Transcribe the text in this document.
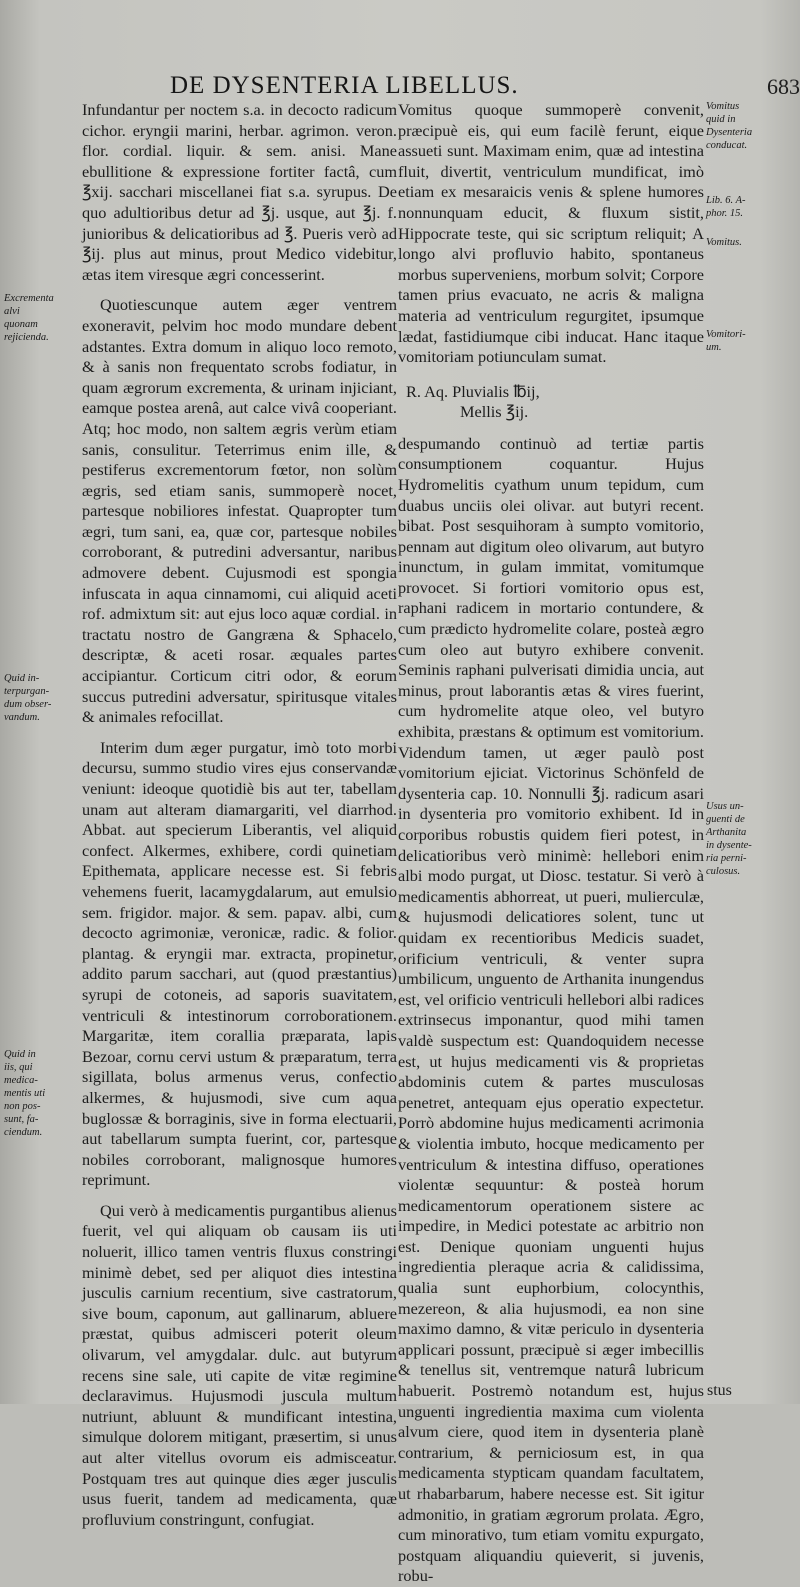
DE DYSENTERIA LIBELLUS.	683

Infundantur per noctem s.a. in decocto radicum cichor. eryngii marini, herbar. agrimon. veron. flor. cordial. liquir. & sem. anisi. Mane ebullitione & expressione fortiter factâ, cum ℥xij. sacchari miscellanei fiat s.a. syrupus. De quo adultioribus detur ad ℥j. usque, aut ℥j. f. junioribus & delicatioribus ad ℥. Pueris verò ad ℥ij. plus aut minus, prout Medico videbitur, ætas item viresque ægri concesserint.

Quotiescunque autem æger ventrem exoneravit, pelvim hoc modo mundare debent adstantes. Extra domum in aliquo loco remoto, & à sanis non frequentato scrobs fodiatur, in quam ægrorum excrementa, & urinam injiciant, eamque postea arenâ, aut calce vivâ cooperiant. Atq; hoc modo, non saltem ægris verùm etiam sanis, consulitur. Teterrimus enim ille, & pestiferus excrementorum fœtor, non solùm ægris, sed etiam sanis, summoperè nocet, partesque nobiliores infestat. Quapropter tum ægri, tum sani, ea, quæ cor, partesque nobiles corroborant, & putredini adversantur, naribus admovere debent. Cujusmodi est spongia infuscata in aqua cinnamomi, cui aliquid aceti rof. admixtum sit: aut ejus loco aquæ cordial. in tractatu nostro de Gangræna & Sphacelo, descriptæ, & aceti rosar. æquales partes accipiantur. Corticum citri odor, & eorum succus putredini adversatur, spiritusque vitales & animales refocillat.

Interim dum æger purgatur, imò toto morbi decursu, summo studio vires ejus conservandæ veniunt: ideoque quotidiè bis aut ter, tabellam unam aut alteram diamargariti, vel diarrhod. Abbat. aut specierum Liberantis, vel aliquid confect. Alkermes, exhibere, cordi quinetiam Epithemata, applicare necesse est. Si febris vehemens fuerit, lacamygdalarum, aut emulsio sem. frigidor. major. & sem. papav. albi, cum decocto agrimoniæ, veronicæ, radic. & folior. plantag. & eryngii mar. extracta, propinetur, addito parum sacchari, aut (quod præstantius) syrupi de cotoneis, ad saporis suavitatem, ventriculi & intestinorum corroborationem. Margaritæ, item corallia præparata, lapis Bezoar, cornu cervi ustum & præparatum, terra sigillata, bolus armenus verus, confectio alkermes, & hujusmodi, sive cum aqua buglossæ & borraginis, sive in forma electuarii, aut tabellarum sumpta fuerint, cor, partesque nobiles corroborant, malignosque humores reprimunt.

Qui verò à medicamentis purgantibus alienus fuerit, vel qui aliquam ob causam iis uti noluerit, illico tamen ventris fluxus constringi minimè debet, sed per aliquot dies intestina jusculis carnium recentium, sive castratorum, sive boum, caponum, aut gallinarum, abluere præstat, quibus admisceri poterit oleum olivarum, vel amygdalar. dulc. aut butyrum recens sine sale, uti capite de vitæ regimine declaravimus. Hujusmodi jusculа multum nutriunt, abluunt & mundificant intestina, simulque dolorem mitigant, præsertim, si unus aut alter vitellus ovorum eis admisceatur. Postquam tres aut quinque dies æger jusculis usus fuerit, tandem ad medicamenta, quæ profluvium constringunt, confugiat.

Vomitus quoque summoperè convenit, præcipuè eis, qui eum facilè ferunt, eique assueti sunt. Maximam enim, quæ ad intestina fluit, divertit, ventriculum mundificat, imò etiam ex mesaraicis venis & splene humores nonnunquam educit, & fluxum sistit, Hippocrate teste, qui sic scriptum reliquit; A longo alvi profluvio habito, spontaneus morbus superveniens, morbum solvit; Corpore tamen prius evacuato, ne acris & maligna materia ad ventriculum regurgitet, ipsumque lædat, fastidiumque cibi inducat. Hanc itaque vomitoriam potiunculam sumat.

R. Aq. Pluvialis ℔ij,
Mellis ℥ij.

despumando continuò ad tertiæ partis consumptionem coquantur. Hujus Hydromelitis cyathum unum tepidum, cum duabus unciis olei olivar. aut butyri recent. bibat. Post sesquihoram à sumpto vomitorio, pennam aut digitum oleo olivarum, aut butyro inunctum, in gulam immitat, vomitumque provocet. Si fortiori vomitorio opus est, raphani radicem in mortario contundere, & cum prædicto hydromelite colare, posteà ægro cum oleo aut butyro exhibere convenit. Seminis raphani pulverisati dimidia uncia, aut minus, prout laborantis ætas & vires fuerint, cum hydromelite atque oleo, vel butyro exhibita, præstans & optimum est vomitorium. Videndum tamen, ut æger paulò post vomitorium ejiciat. Victorinus Schönfeld de dysenteria cap. 10. Nonnulli ℥j. radicum asari in dysenteria pro vomitorio exhibent. Id in corporibus robustis quidem fieri potest, in delicatioribus verò minimè: hellebori enim albi modo purgat, ut Diosc. testatur. Si verò à medicamentis abhorreat, ut pueri, mulierculæ, & hujusmodi delicatiores solent, tunc ut quidam ex recentioribus Medicis suadet, orificium ventriculi, & venter supra umbilicum, unguento de Arthanita inungendus est, vel orificio ventriculi hellebori albi radices extrinsecus imponantur, quod mihi tamen valdè suspectum est: Quandoquidem necesse est, ut hujus medicamenti vis & proprietas abdominis cutem & partes musculosas penetret, antequam ejus operatio expectetur. Porrò abdomine hujus medicamenti acrimonia & violentia imbuto, hocque medicamento per ventriculum & intestina diffuso, operationes violentæ sequuntur: & posteà horum medicamentorum operationem sistere ac impedire, in Medici potestate ac arbitrio non est. Denique quoniam unguenti hujus ingredientia pleraque acria & calidissima, qualia sunt euphorbium, colocynthis, mezereon, & alia hujusmodi, ea non sine maximo damno, & vitæ periculo in dysenteria applicari possunt, præcipuè si æger imbecillis & tenellus sit, ventremque naturâ lubricum habuerit. Postremò notandum est, hujus unguenti ingredientia maxima cum violenta alvum ciere, quod item in dysenteria planè contrarium, & perniciosum est, in qua medicamenta stypticam quandam facultatem, ut rhabarbarum, habere necesse est. Sit igitur admonitio, in gratiam ægrorum prolata. Ægro, cum minorativo, tum etiam vomitu expurgato, postquam aliquandiu quieverit, si juvenis, robu-

stus
Excrementa alvi
quonam
rejicienda.
Quid in-
terpurgan-
dum obser-
vandum.
Quid in
iis, qui
medica-
mentis uti
non pos-
sunt, fa-
ciendum.
Vomitus
quid in
Dysenteria
conducat.
Lib. 6. A-
phor. 15.
Vomitus.
Vomitori-
um.
Usus un-
guenti de
Arthanita
in dysente-
ria perni-
culosus.
